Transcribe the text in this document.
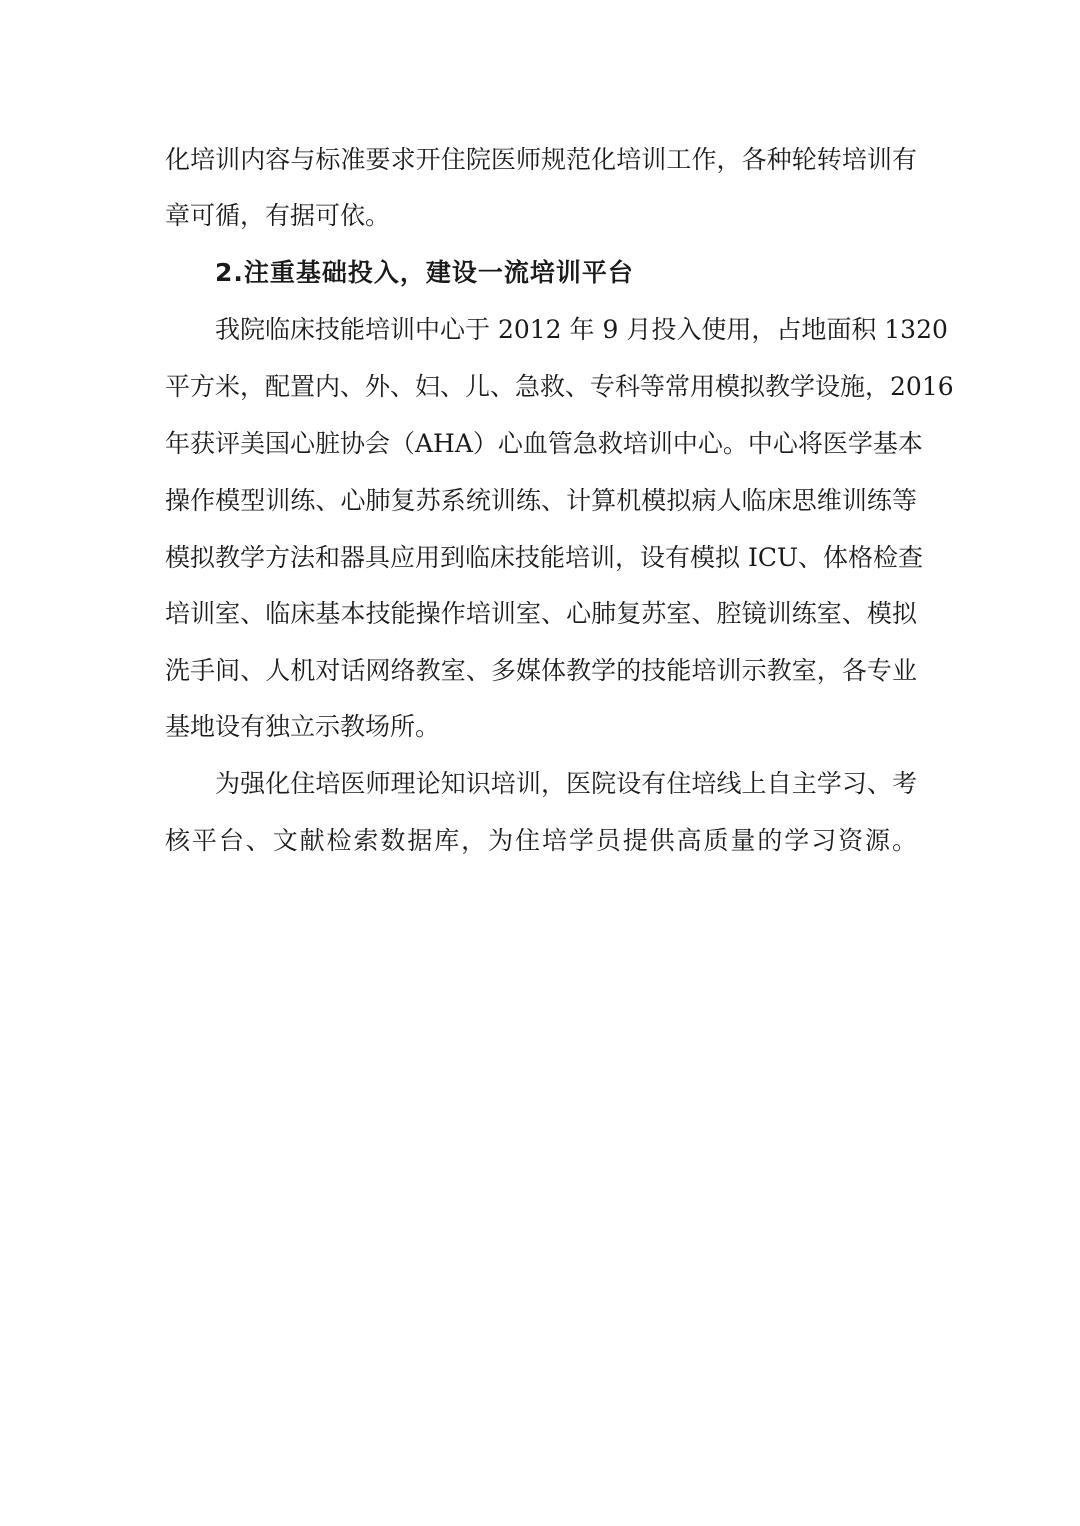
化培训内容与标准要求开住院医师规范化培训工作，各种轮转培训有
章可循，有据可依。
2.注重基础投入，建设一流培训平台
我院临床技能培训中心于 2012 年 9 月投入使用，占地面积 1320
平方米，配置内、外、妇、儿、急救、专科等常用模拟教学设施，2016
年获评美国心脏协会（AHA）心血管急救培训中心。中心将医学基本
操作模型训练、心肺复苏系统训练、计算机模拟病人临床思维训练等
模拟教学方法和器具应用到临床技能培训，设有模拟 ICU、体格检查
培训室、临床基本技能操作培训室、心肺复苏室、腔镜训练室、模拟
洗手间、人机对话网络教室、多媒体教学的技能培训示教室，各专业
基地设有独立示教场所。
为强化住培医师理论知识培训，医院设有住培线上自主学习、考
核平台、文献检索数据库，为住培学员提供高质量的学习资源。
